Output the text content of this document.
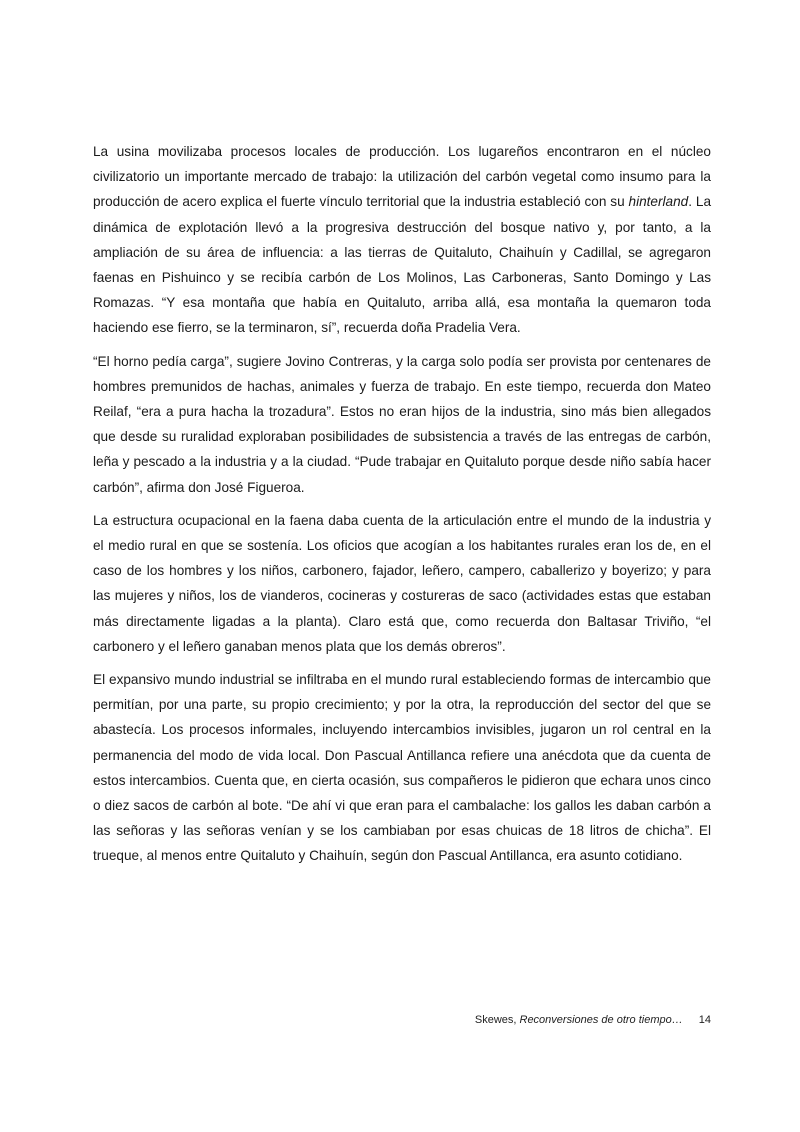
La usina movilizaba procesos locales de producción. Los lugareños encontraron en el núcleo civilizatorio un importante mercado de trabajo: la utilización del carbón vegetal como insumo para la producción de acero explica el fuerte vínculo territorial que la industria estableció con su hinterland. La dinámica de explotación llevó a la progresiva destrucción del bosque nativo y, por tanto, a la ampliación de su área de influencia: a las tierras de Quitaluto, Chaihuín y Cadillal, se agregaron faenas en Pishuinco y se recibía carbón de Los Molinos, Las Carboneras, Santo Domingo y Las Romazas. “Y esa montaña que había en Quitaluto, arriba allá, esa montaña la quemaron toda haciendo ese fierro, se la terminaron, sí”, recuerda doña Pradelia Vera.

“El horno pedía carga”, sugiere Jovino Contreras, y la carga solo podía ser provista por centenares de hombres premunidos de hachas, animales y fuerza de trabajo. En este tiempo, recuerda don Mateo Reilaf, “era a pura hacha la trozadura”. Estos no eran hijos de la industria, sino más bien allegados que desde su ruralidad exploraban posibilidades de subsistencia a través de las entregas de carbón, leña y pescado a la industria y a la ciudad. “Pude trabajar en Quitaluto porque desde niño sabía hacer carbón”, afirma don José Figueroa.

La estructura ocupacional en la faena daba cuenta de la articulación entre el mundo de la industria y el medio rural en que se sostenía. Los oficios que acogían a los habitantes rurales eran los de, en el caso de los hombres y los niños, carbonero, fajador, leñero, campero, caballerizo y boyerizo; y para las mujeres y niños, los de vianderos, cocineras y costureras de saco (actividades estas que estaban más directamente ligadas a la planta). Claro está que, como recuerda don Baltasar Triviño, “el carbonero y el leñero ganaban menos plata que los demás obreros”.

El expansivo mundo industrial se infiltraba en el mundo rural estableciendo formas de intercambio que permitían, por una parte, su propio crecimiento; y por la otra, la reproducción del sector del que se abastecía. Los procesos informales, incluyendo intercambios invisibles, jugaron un rol central en la permanencia del modo de vida local. Don Pascual Antillanca refiere una anécdota que da cuenta de estos intercambios. Cuenta que, en cierta ocasión, sus compañeros le pidieron que echara unos cinco o diez sacos de carbón al bote. “De ahí vi que eran para el cambalache: los gallos les daban carbón a las señoras y las señoras venían y se los cambiaban por esas chuicas de 18 litros de chicha”. El trueque, al menos entre Quitaluto y Chaihuín, según don Pascual Antillanca, era asunto cotidiano.

Skewes, Reconversiones de otro tiempo… 14
